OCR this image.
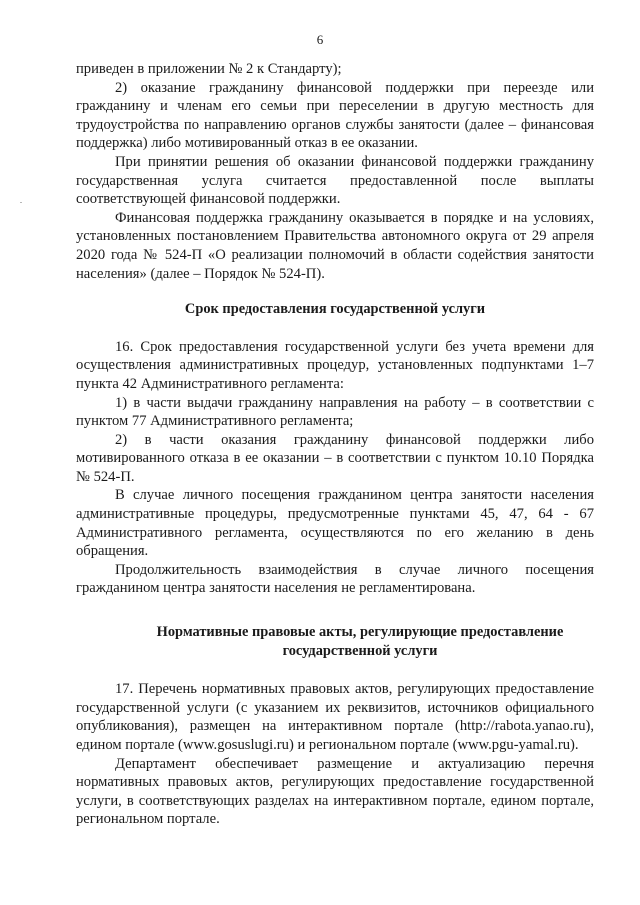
6

приведен в приложении № 2 к Стандарту);

2) оказание гражданину финансовой поддержки при переезде или гражданину и членам его семьи при переселении в другую местность для трудоустройства по направлению органов службы занятости (далее – финансовая поддержка) либо мотивированный отказ в ее оказании.

При принятии решения об оказании финансовой поддержки гражданину государственная услуга считается предоставленной после выплаты соответствующей финансовой поддержки.

Финансовая поддержка гражданину оказывается в порядке и на условиях, установленных постановлением Правительства автономного округа от 29 апреля 2020 года № 524-П «О реализации полномочий в области содействия занятости населения» (далее – Порядок № 524-П).

Срок предоставления государственной услуги

16. Срок предоставления государственной услуги без учета времени для осуществления административных процедур, установленных подпунктами 1–7 пункта 42 Административного регламента:

1) в части выдачи гражданину направления на работу – в соответствии с пунктом 77 Административного регламента;

2) в части оказания гражданину финансовой поддержки либо мотивированного отказа в ее оказании – в соответствии с пунктом 10.10 Порядка № 524-П.

В случае личного посещения гражданином центра занятости населения административные процедуры, предусмотренные пунктами 45, 47, 64 - 67 Административного регламента, осуществляются по его желанию в день обращения.

Продолжительность взаимодействия в случае личного посещения гражданином центра занятости населения не регламентирована.

Нормативные правовые акты, регулирующие предоставление государственной услуги

17. Перечень нормативных правовых актов, регулирующих предоставление государственной услуги (с указанием их реквизитов, источников официального опубликования), размещен на интерактивном портале (http://rabota.yanao.ru), едином портале (www.gosuslugi.ru) и региональном портале (www.pgu-yamal.ru).

Департамент обеспечивает размещение и актуализацию перечня нормативных правовых актов, регулирующих предоставление государственной услуги, в соответствующих разделах на интерактивном портале, едином портале, региональном портале.
